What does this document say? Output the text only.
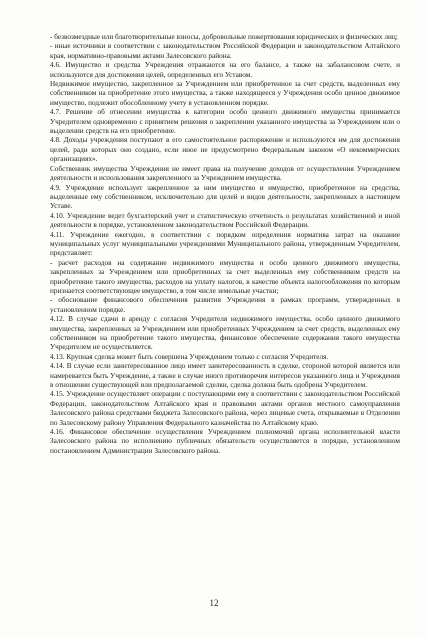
- безвозмездные или благотворительные взносы, добровольные пожертвования юридических и физических лиц;

- иные источники в соответствии с законодательством Российской Федерации и законодательством Алтайского края, нормативно-правовыми актами Залесовского района.

4.6. Имущество и средства Учреждения отражаются на его балансе, а также на забалансовом счете, и используются для достижения целей, определенных его Уставом.

Недвижимое имущество, закрепленное за Учреждением или приобретенное за счет средств, выделенных ему собственником на приобретение этого имущества, а также находящееся у Учреждения особо ценное движимое имущество, подлежит обособленному учету в установленном порядке.

4.7. Решение об отнесении имущества к категории особо ценного движимого имущества принимается Учредителем одновременно с принятием решения о закреплении указанного имущества за Учреждением или о выделении средств на его приобретение.

4.8. Доходы учреждения поступают в его самостоятельное распоряжение и используются им для достижения целей, ради которых оно создано, если иное не предусмотрено Федеральным законом «О некоммерческих организациях».

Собственник имущества Учреждения не имеет права на получение доходов от осуществления Учреждением деятельности и использования закрепленного за Учреждением имущества.

4.9. Учреждение использует закрепленное за ним имущество и имущество, приобретенное на средства, выделенные ему собственником, исключительно для целей и видов деятельности, закрепленных в настоящем Уставе.

4.10. Учреждение ведет бухгалтерский учет и статистическую отчетность о результатах хозяйственной и иной деятельности в порядке, установленном законодательством Российской Федерации.

4.11. Учреждение ежегодно, в соответствии с порядком определения норматива затрат на оказание муниципальных услуг муниципальными учреждениями Муниципального района, утвержденным Учредителем, представляет:

- расчет расходов на содержание недвижимого имущества и особо ценного движимого имущества, закрепленных за Учреждением или приобретенных за счет выделенных ему собственником средств на приобретение такого имущества, расходов на уплату налогов, в качестве объекта налогообложения по которым признается соответствующее имущество, в том числе земельные участки;

- обоснование финансового обеспечения развития Учреждения в рамках программ, утвержденных в установленном порядке.

4.12. В случае сдачи в аренду с согласия Учредителя недвижимого имущества, особо ценного движимого имущества, закрепленных за Учреждением или приобретенных Учреждением за счет средств, выделенных ему собственником на приобретение такого имущества, финансовое обеспечение содержания такого имущества Учредителем не осуществляется.

4.13. Крупная сделка может быть совершена Учреждением только с согласия Учредителя.

4.14. В случае если заинтересованное лицо имеет заинтересованность в сделке, стороной которой является или намеревается быть Учреждение, а также в случае иного противоречия интересов указанного лица и Учреждения в отношении существующей или предполагаемой сделки, сделка должна быть одобрена Учредителем.

4.15. Учреждение осуществляет операции с поступающими ему в соответствии с законодательством Российской Федерации, законодательством Алтайского края и правовыми актами органов местного самоуправления Залесовского района средствами бюджета Залесовского района, через лицевые счета, открываемые в Отделении по Залесовскому району Управления Федерального казначейства по Алтайскому краю.

4.16. Финансовое обеспечение осуществления Учреждением полномочий органа исполнительной власти Залесовского района по исполнению публичных обязательств осуществляется в порядке, установленном постановлением Администрации Залесовского района.

12
